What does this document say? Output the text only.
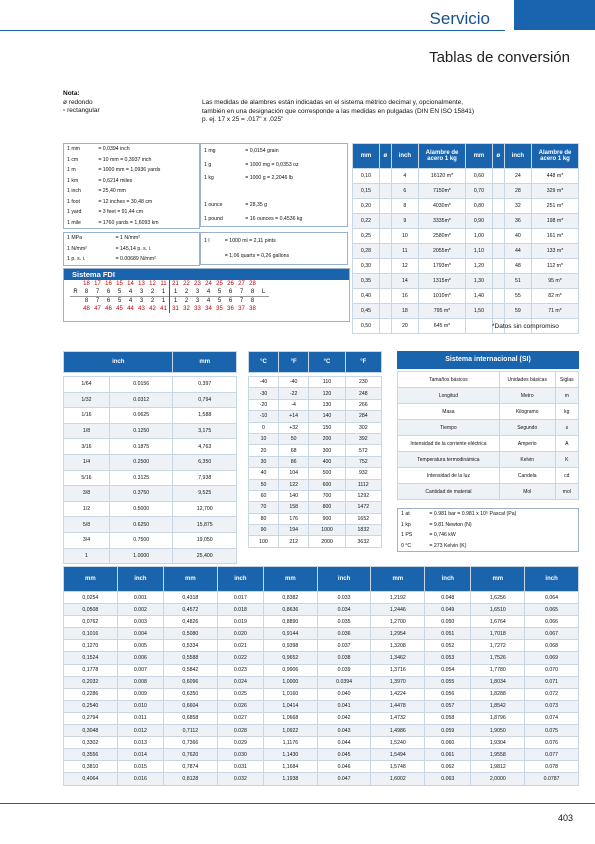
Servicio
Tablas de conversión
Nota:
ø redondo
▫ rectangular
Las medidas de alambres están indicadas en el sistema métrico decimal y, opcionalmente,
también en una designación que corresponde a las medidas en pulgadas (DIN EN ISO 15841)
p. ej. 17 x 25 = .017" x .025"
1 mm	= 0,0394 inch
1 cm	= 10 mm = 0,3937 inch
1 m	= 1000 mm = 1,0936 yards
1 km	= 0,6214 miles
1 inch	= 25,40 mm
1 foot	= 12 inches = 30,48 cm
1 yard	= 3 feet = 91,44 cm
1 mile	= 1760 yards = 1,6093 km
1 mg	= 0,0154 grain
1 g	= 1000 mg = 0,0353 oz
1 kg	= 1000 g = 2,2046 lb

1 ounce	= 28,35 g
1 pound	= 16 ounces = 0,4536 kg
1 MPa	= 1 N/mm²
1 N/mm²	= 145,14 p. s. i.
1 p. s. i.	= 0.00689 N/mm²
1 l	= 1000 ml = 2,11 pints
	= 1,06 quarts = 0,26 gallons
Sistema FDI
	18	17	16	15	14	13	12	11	21	22	23	24	25	26	27	28	
R	8	7	6	5	4	3	2	1	1	2	3	4	5	6	7	8	L
	8	7	6	5	4	3	2	1	1	2	3	4	5	6	7	8	
	48	47	46	45	44	43	42	41	31	32	33	34	35	36	37	38	
mm	ø	inch	Alambre de acero 1 kg	mm	ø	inch	Alambre de acero 1 kg
0,10		4	16120 m*	0,60		24	448 m*
0,15		6	7150m*	0,70		28	329 m*
0,20		8	4030m*	0,80		32	251 m*
0,22		9	3335m*	0,90		36	198 m*
0,25		10	2580m*	1,00		40	161 m*
0,28		11	2055m*	1,10		44	133 m*
0,30		12	1793m*	1,20		48	112 m*
0,35		14	1315m*	1,30		51	95 m*
0,40		16	1010m*	1,40		55	82 m*
0,45		18	795 m*	1,50		59	71 m*
0,50		20	645 m*					*Datos sin compromiso
inch		mm

1/64	0.0156	0,397
1/32	0.0312	0,794
1/16	0.0625	1,588
1/8	0.1250	3,175
3/16	0.1875	4,763
1/4	0.2500	6,350
5/16	0.3125	7,938
3/8	0.3750	9,525
1/2	0.5000	12,700
5/8	0.6250	15,875
3/4	0.7500	19,050
1	1.0000	25,400
°C	°F	°C	°F

-40	-40	110	230
-30	-22	120	248
-20	-4	130	266
-10	+14	140	284
0	+32	150	302
10	50	200	392
20	68	300	572
30	86	400	752
40	104	500	932
50	122	600	1112
60	140	700	1292
70	158	800	1472
80	176	900	1652
90	194	1000	1832
100	212	2000	3632
Sistema internacional (SI)
Tamaños básicos	Unidades básicas	Siglas
Longitud	Metro	m
Masa	Kilogramo	kg
Tiempo	Segundo	s
Intensidad de la corriente eléctrica	Amperio	A
Temperatura termodinámica	Kelvin	K
Intensidad de la luz	Candela	cd
Cantidad de material	Mol	mol
1 at	= 0.981 bar = 0.981 x 10⁵ Pascal (Pa)
1 kp	= 9.81 Newton (N)
1 PS	= 0,746 kW
0 °C	= 273 Kelvin (K)
mm	inch	mm	inch	mm	inch	mm	inch	mm	inch
0,0254	0.001	0,4318	0.017	0,8382	0.033	1,2192	0.048	1,6256	0.064
0,0508	0.002	0,4572	0.018	0,8636	0.034	1,2446	0.049	1,6510	0.065
0,0762	0.003	0,4826	0.019	0,8890	0.035	1,2700	0.050	1,6764	0.066
0,1016	0.004	0,5080	0.020	0,9144	0.036	1,2954	0.051	1,7018	0.067
0,1270	0.005	0,5334	0.021	0,9398	0.037	1,3208	0.052	1,7272	0.068
0,1524	0.006	0,5588	0.022	0,9652	0.038	1,3462	0.053	1,7526	0.069
0,1778	0.007	0,5842	0.023	0,9906	0.039	1,3716	0.054	1,7780	0.070
0,2032	0.008	0,6096	0.024	1,0000	0.0394	1,3970	0.055	1,8034	0.071
0,2286	0.009	0,6350	0.025	1,0160	0.040	1,4224	0.056	1,8288	0.072
0,2540	0.010	0,6604	0.026	1,0414	0.041	1,4478	0.057	1,8542	0.073
0,2794	0.011	0,6858	0.027	1,0668	0.042	1,4732	0.058	1,8796	0.074
0,3048	0.012	0,7112	0.028	1,0922	0.043	1,4986	0.059	1,9050	0.075
0,3302	0.013	0,7366	0.029	1,1176	0.044	1,5240	0.060	1,9304	0.076
0,3556	0.014	0,7620	0.030	1,1430	0.045	1,5494	0.061	1,9558	0.077
0,3810	0.015	0,7874	0.031	1,1684	0.046	1,5748	0.062	1,9812	0.078
0,4064	0.016	0,8128	0.032	1,1938	0.047	1,6002	0.063	2,0000	0.0787
403
